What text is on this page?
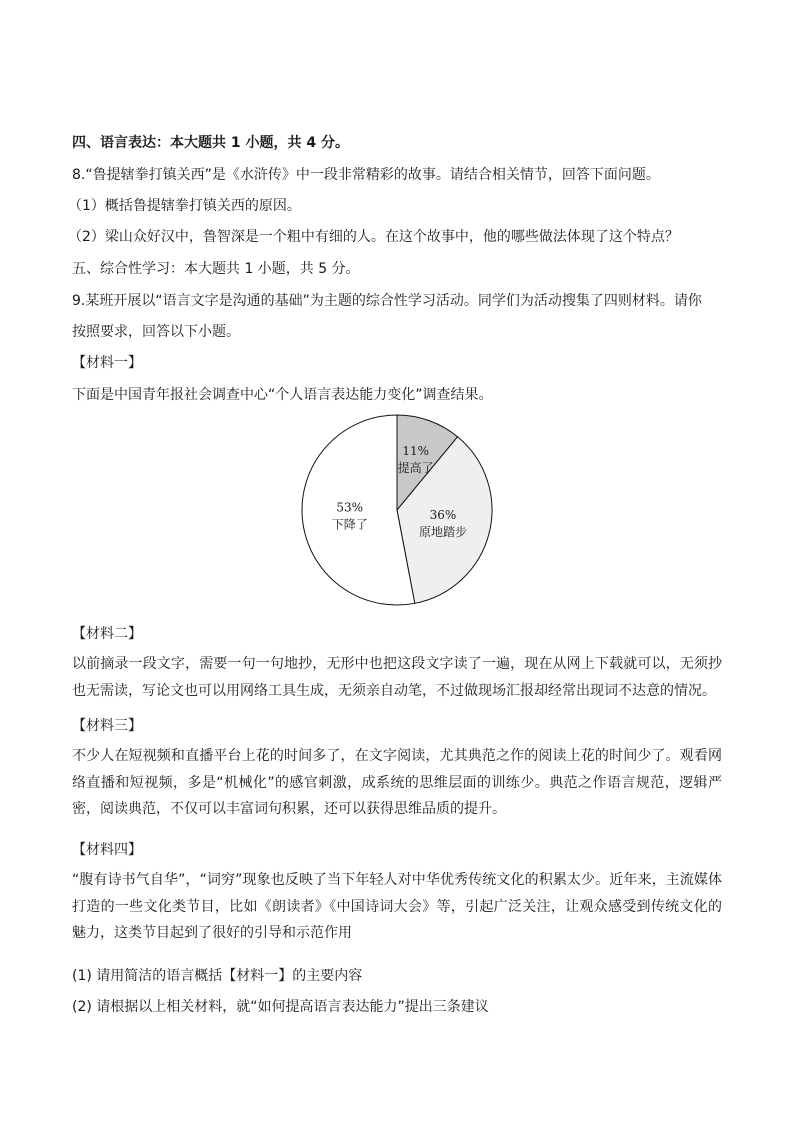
四、语言表达：本大题共 1 小题，共 4 分。
8.“鲁提辖拳打镇关西”是《水浒传》中一段非常精彩的故事。请结合相关情节，回答下面问题。
（1）概括鲁提辖拳打镇关西的原因。
（2）梁山众好汉中，鲁智深是一个粗中有细的人。在这个故事中，他的哪些做法体现了这个特点？
五、综合性学习：本大题共 1 小题，共 5 分。
9.某班开展以“语言文字是沟通的基础”为主题的综合性学习活动。同学们为活动搜集了四则材料。请你
按照要求，回答以下小题。
【材料一】
下面是中国青年报社会调查中心“个人语言表达能力变化”调查结果。
11%
提高了
36%
原地踏步
53%
下降了
【材料二】
以前摘录一段文字，需要一句一句地抄，无形中也把这段文字读了一遍，现在从网上下载就可以，无须抄也无需读，写论文也可以用网络工具生成，无须亲自动笔，不过做现场汇报却经常出现词不达意的情况。
【材料三】
不少人在短视频和直播平台上花的时间多了，在文字阅读，尤其典范之作的阅读上花的时间少了。观看网络直播和短视频，多是“机械化”的感官刺激，成系统的思维层面的训练少。典范之作语言规范，逻辑严密，阅读典范，不仅可以丰富词句积累，还可以获得思维品质的提升。
【材料四】
“腹有诗书气自华”，“词穷”现象也反映了当下年轻人对中华优秀传统文化的积累太少。近年来，主流媒体打造的一些文化类节目，比如《朗读者》《中国诗词大会》等，引起广泛关注，让观众感受到传统文化的魅力，这类节目起到了很好的引导和示范作用
(1) 请用简洁的语言概括【材料一】的主要内容
(2) 请根据以上相关材料，就“如何提高语言表达能力”提出三条建议
